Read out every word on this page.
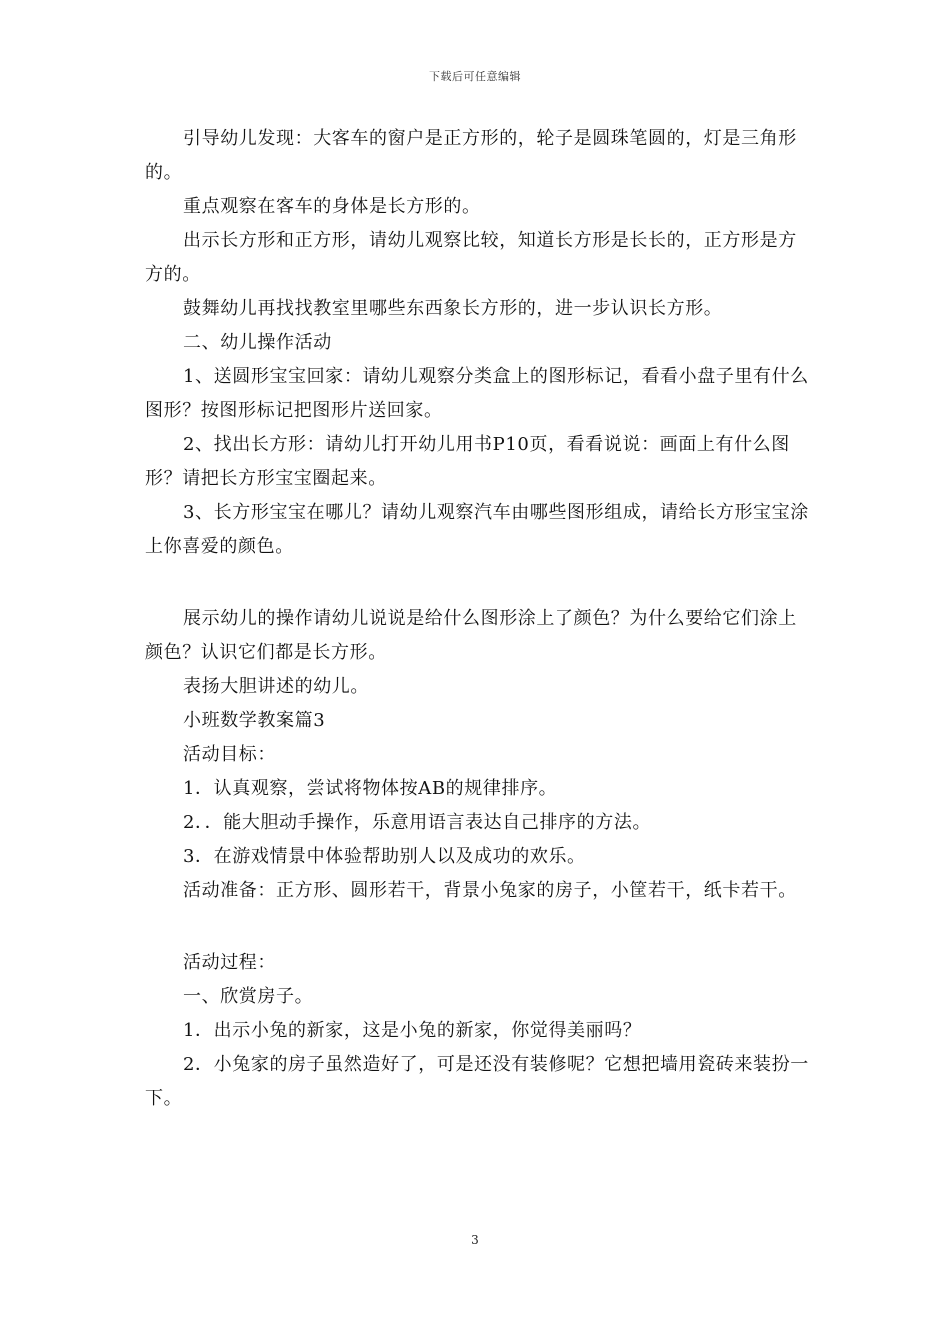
下载后可任意编辑

引导幼儿发现：大客车的窗户是正方形的，轮子是圆珠笔圆的，灯是三角形的。

重点观察在客车的身体是长方形的。

出示长方形和正方形，请幼儿观察比较，知道长方形是长长的，正方形是方方的。

鼓舞幼儿再找找教室里哪些东西象长方形的，进一步认识长方形。

二、幼儿操作活动

1、送圆形宝宝回家：请幼儿观察分类盒上的图形标记，看看小盘子里有什么图形？按图形标记把图形片送回家。

2、找出长方形：请幼儿打开幼儿用书P10页，看看说说：画面上有什么图形？请把长方形宝宝圈起来。

3、长方形宝宝在哪儿？请幼儿观察汽车由哪些图形组成，请给长方形宝宝涂上你喜爱的颜色。

展示幼儿的操作请幼儿说说是给什么图形涂上了颜色？为什么要给它们涂上颜色？认识它们都是长方形。

表扬大胆讲述的幼儿。

小班数学教案篇3

活动目标：

1．认真观察，尝试将物体按AB的规律排序。

2．．能大胆动手操作，乐意用语言表达自己排序的方法。

3．在游戏情景中体验帮助别人以及成功的欢乐。

活动准备：正方形、圆形若干，背景小兔家的房子，小筐若干，纸卡若干。

活动过程：

一、欣赏房子。

1．出示小兔的新家，这是小兔的新家，你觉得美丽吗？

2．小兔家的房子虽然造好了，可是还没有装修呢？它想把墙用瓷砖来装扮一下。

3
